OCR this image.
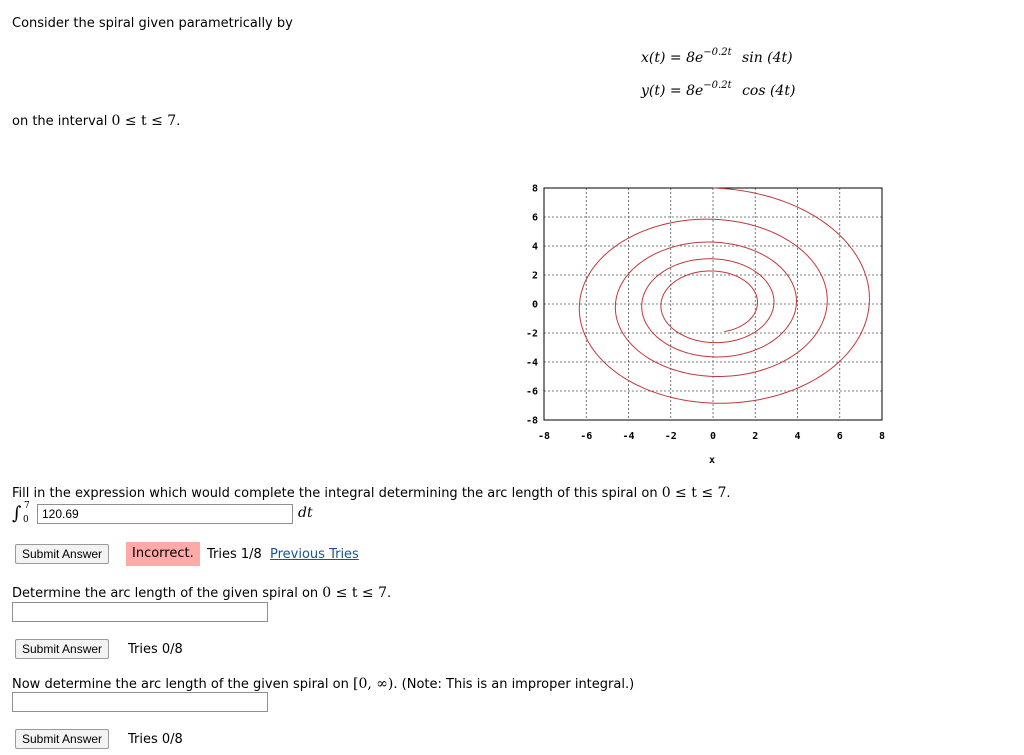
Consider the spiral given parametrically by
$x(t) = 8e^{-0.2t}$ sin (4t)
$y(t) = 8e^{-0.2t}$ cos (4t)
on the interval 0 ≤ t ≤ 7.
8
6
4
2
0
-2
-4
-6
-8
-8	-6	-4	-2	0	2	4	6	8
x
Fill in the expression which would complete the integral determining the arc length of this spiral on 0 ≤ t ≤ 7.
∫ 7
0
120.69	dt
Submit Answer	Incorrect.	Tries 1/8 Previous Tries
Determine the arc length of the given spiral on 0 ≤ t ≤ 7.
Submit Answer	Tries 0/8
Now determine the arc length of the given spiral on [0, ∞). (Note: This is an improper integral.)
Submit Answer	Tries 0/8
